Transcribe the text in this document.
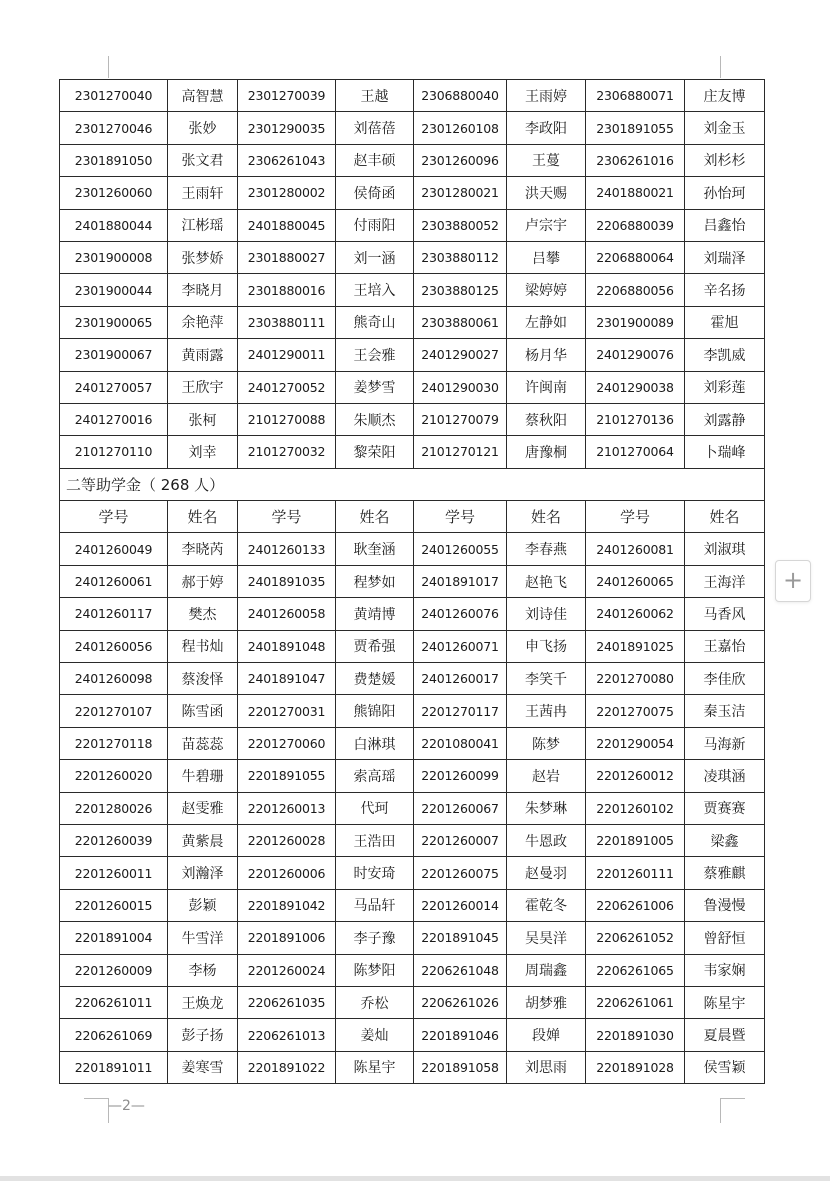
2301270040	高智慧	2301270039	王越	2306880040	王雨婷	2306880071	庄友博
2301270046	张妙	2301290035	刘蓓蓓	2301260108	李政阳	2301891055	刘金玉
2301891050	张文君	2306261043	赵丰硕	2301260096	王蔓	2306261016	刘杉杉
2301260060	王雨轩	2301280002	侯倚函	2301280021	洪天赐	2401880021	孙怡珂
2401880044	江彬瑶	2401880045	付雨阳	2303880052	卢宗宇	2206880039	吕鑫怡
2301900008	张梦娇	2301880027	刘一涵	2303880112	吕攀	2206880064	刘瑞泽
2301900044	李晓月	2301880016	王培入	2303880125	梁婷婷	2206880056	辛名扬
2301900065	余艳萍	2303880111	熊奇山	2303880061	左静如	2301900089	霍旭
2301900067	黄雨露	2401290011	王会雅	2401290027	杨月华	2401290076	李凯威
2401270057	王欣宇	2401270052	姜梦雪	2401290030	许闽南	2401290038	刘彩莲
2401270016	张柯	2101270088	朱顺杰	2101270079	蔡秋阳	2101270136	刘露静
2101270110	刘幸	2101270032	黎荣阳	2101270121	唐豫桐	2101270064	卜瑞峰
二等助学金（ 268 人）							
学号	姓名	学号	姓名	学号	姓名	学号	姓名
2401260049	李晓芮	2401260133	耿奎涵	2401260055	李春燕	2401260081	刘淑琪
2401260061	郝于婷	2401891035	程梦如	2401891017	赵艳飞	2401260065	王海洋
2401260117	樊杰	2401260058	黄靖博	2401260076	刘诗佳	2401260062	马香风
2401260056	程书灿	2401891048	贾希强	2401260071	申飞扬	2401891025	王嘉怡
2401260098	蔡浚怿	2401891047	费楚媛	2401260017	李笑千	2201270080	李佳欣
2201270107	陈雪函	2201270031	熊锦阳	2201270117	王茜冉	2201270075	秦玉洁
2201270118	苗蕊蕊	2201270060	白淋琪	2201080041	陈梦	2201290054	马海新
2201260020	牛碧珊	2201891055	索高瑶	2201260099	赵岩	2201260012	凌琪涵
2201280026	赵雯雅	2201260013	代珂	2201260067	朱梦琳	2201260102	贾赛赛
2201260039	黄紫晨	2201260028	王浩田	2201260007	牛恩政	2201891005	梁鑫
2201260011	刘瀚泽	2201260006	时安琦	2201260075	赵曼羽	2201260111	蔡雅麒
2201260015	彭颖	2201891042	马品轩	2201260014	霍乾冬	2206261006	鲁漫慢
2201891004	牛雪洋	2201891006	李子豫	2201891045	吴昊洋	2206261052	曾舒恒
2201260009	李杨	2201260024	陈梦阳	2206261048	周瑞鑫	2206261065	韦家娴
2206261011	王焕龙	2206261035	乔松	2206261026	胡梦雅	2206261061	陈星宇
2206261069	彭子扬	2206261013	姜灿	2201891046	段婵	2201891030	夏晨暨
2201891011	姜寒雪	2201891022	陈星宇	2201891058	刘思雨	2201891028	侯雪颖
+
—2—
